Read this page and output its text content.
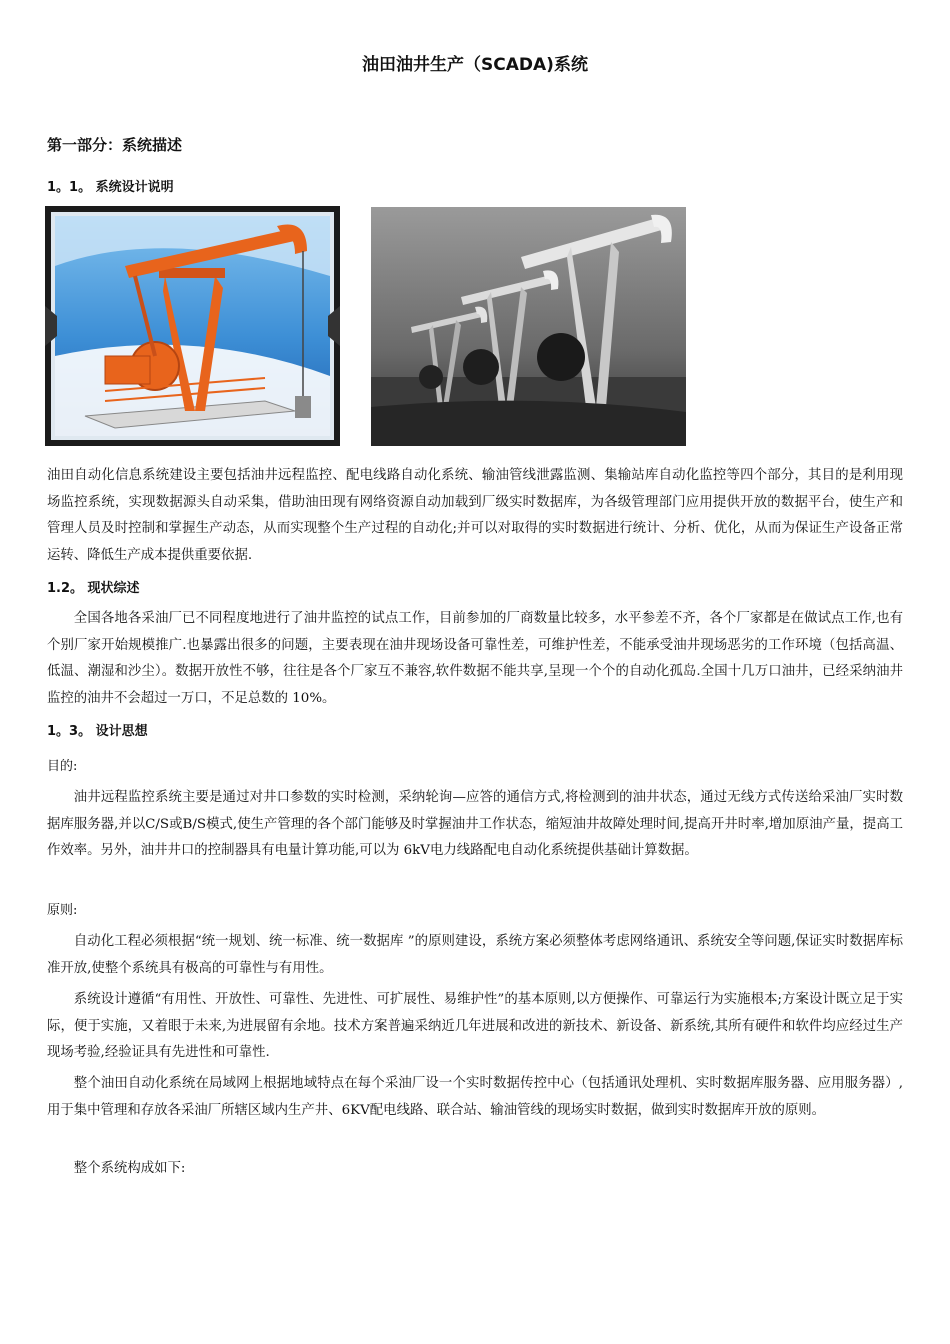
油田油井生产（SCADA)系统
第一部分：系统描述
1。1。 系统设计说明

油田自动化信息系统建设主要包括油井远程监控、配电线路自动化系统、输油管线泄露监测、集输站库自动化监控等四个部分，其目的是利用现场监控系统，实现数据源头自动采集，借助油田现有网络资源自动加载到厂级实时数据库，为各级管理部门应用提供开放的数据平台，使生产和管理人员及时控制和掌握生产动态，从而实现整个生产过程的自动化;并可以对取得的实时数据进行统计、分析、优化，从而为保证生产设备正常运转、降低生产成本提供重要依据.

1.2。 现状综述

全国各地各采油厂已不同程度地进行了油井监控的试点工作，目前参加的厂商数量比较多，水平参差不齐，各个厂家都是在做试点工作,也有个别厂家开始规模推广.也暴露出很多的问题，主要表现在油井现场设备可靠性差，可维护性差，不能承受油井现场恶劣的工作环境（包括高温、低温、潮湿和沙尘）。数据开放性不够，往往是各个厂家互不兼容,软件数据不能共享,呈现一个个的自动化孤岛.全国十几万口油井，已经采纳油井监控的油井不会超过一万口，不足总数的 10%。

1。3。 设计思想
目的:

油井远程监控系统主要是通过对井口参数的实时检测，采纳轮询—应答的通信方式,将检测到的油井状态，通过无线方式传送给采油厂实时数据库服务器,并以C/S或B/S模式,使生产管理的各个部门能够及时掌握油井工作状态，缩短油井故障处理时间,提高开井时率,增加原油产量，提高工作效率。另外，油井井口的控制器具有电量计算功能,可以为 6kV电力线路配电自动化系统提供基础计算数据。

原则:

自动化工程必须根据“统一规划、统一标准、统一数据库 ”的原则建设，系统方案必须整体考虑网络通讯、系统安全等问题,保证实时数据库标准开放,使整个系统具有极高的可靠性与有用性。

系统设计遵循“有用性、开放性、可靠性、先进性、可扩展性、易维护性”的基本原则,以方便操作、可靠运行为实施根本;方案设计既立足于实际，便于实施，又着眼于未来,为进展留有余地。技术方案普遍采纳近几年进展和改进的新技术、新设备、新系统,其所有硬件和软件均应经过生产现场考验,经验证具有先进性和可靠性.

整个油田自动化系统在局域网上根据地域特点在每个采油厂设一个实时数据传控中心（包括通讯处理机、实时数据库服务器、应用服务器）,用于集中管理和存放各采油厂所辖区域内生产井、6KV配电线路、联合站、输油管线的现场实时数据，做到实时数据库开放的原则。

整个系统构成如下:
